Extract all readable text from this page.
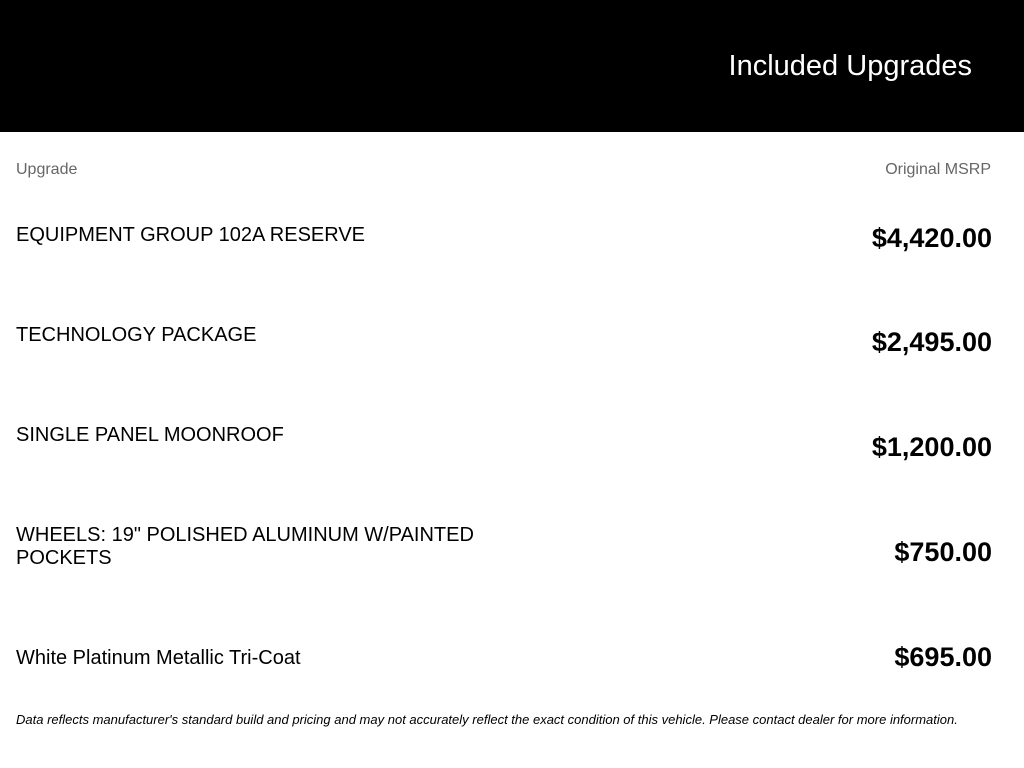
Included Upgrades
Upgrade	Original MSRP
EQUIPMENT GROUP 102A RESERVE	$4,420.00
TECHNOLOGY PACKAGE	$2,495.00
SINGLE PANEL MOONROOF	$1,200.00
WHEELS: 19" POLISHED ALUMINUM W/PAINTED POCKETS	$750.00
White Platinum Metallic Tri-Coat	$695.00
Data reflects manufacturer's standard build and pricing and may not accurately reflect the exact condition of this vehicle. Please contact dealer for more information.
